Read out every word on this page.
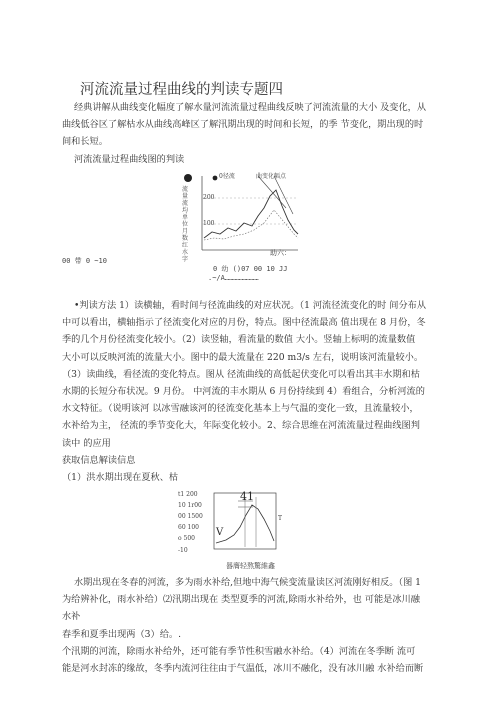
河流流量过程曲线的判读专题四
经典讲解从曲线变化幅度了解水量河流流量过程曲线反映了河流流量的大小 及变化，从
曲线低谷区了解枯水从曲线高峰区了解汛期出现的时间和长短，的季 节变化，期出现的时
间和长短。
河流流量过程曲线图的判读
0径流	曲变化幅点
流量流均 单 位 月 数 红 水 字
200
100
助六：
00 带 0 ~10
0 幼 ()07 00 10 JJ
.~/A……………………
•判读方法 1）读横轴，看时间与径流曲线的对应状况。（1 河流径流变化的时 间分布从
中可以看出，横轴指示了径流变化对应的月份，特点。图中径流最高 值出现在 8 月份，冬
季的几个月份径流变化较小。（2）读竖轴，看流量的数值 大小。竖轴上标明的流量数值
大小可以反映河流的流量大小。图中的最大流量在 220 m3/s 左右，说明该河流量较小。
（3）读曲线，看径流的变化特点。图从 径流曲线的高低起伏变化可以看出其丰水期和枯
水期的长短分布状况。9 月份。 中河流的丰水期从 6 月份持续到 4）看组合，分析河流的
水文特征。（说明该河 以冰雪融该河的径流变化基本上与气温的变化一致，且流量较小，
水补给为主， 径流的季节变化大，年际变化较小。2、综合思维在河流流量过程曲线图判
读中 的应用
获取信息解读信息
（1）洪水期出现在夏秋、枯
t1 200
10 1r00
00 1500
60 100
o 500
-10
41
T
V
器膺轻熬驚維鑫
水期出现在冬春的河流，多为雨水补给,但地中海气候变流量读区河流刚好相反。（图 1
为给辨补化，雨水补给）⑵汛期出现在 类型夏季的河流,除雨水补给外，也 可能是冰川融
水补
春季和夏季出现两（3）给。.
个汛期的河流，除雨水补给外，还可能有季节性积雪融水补给。（4）河流在冬季断 流可
能是河水封冻的缘故，冬季内流河往往由于气温低，冰川不融化，没有冰川融 水补给而断
